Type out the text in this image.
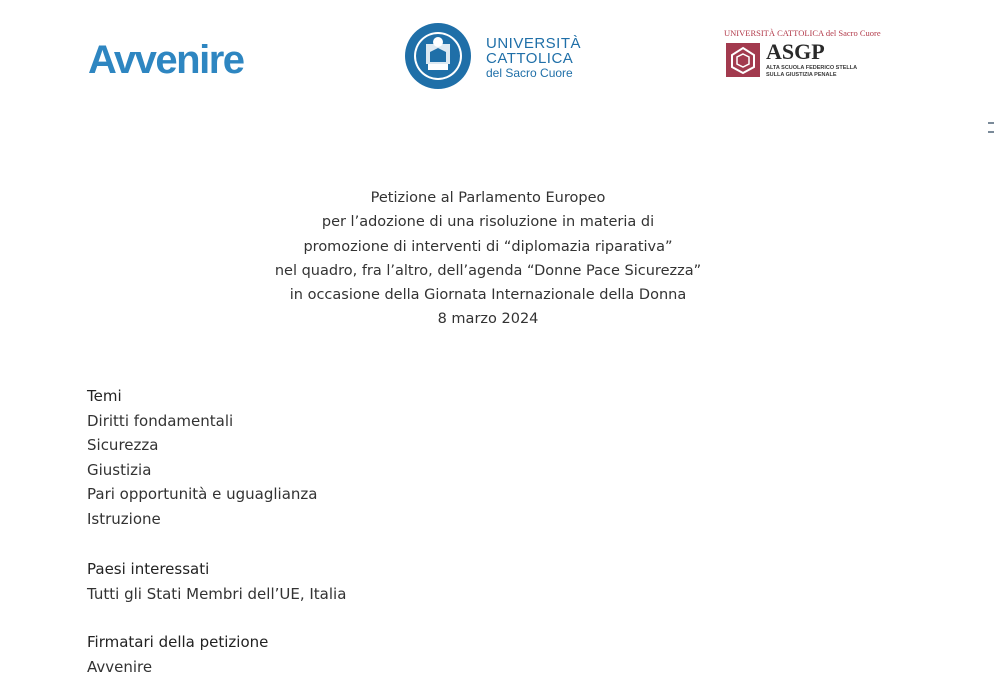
Avvenire	UNIVERSITÀ
CATTOLICA
del Sacro Cuore
UNIVERSITÀ CATTOLICA del Sacro Cuore
ASGP
ALTA SCUOLA FEDERICO STELLA
SULLA GIUSTIZIA PENALE
Petizione al Parlamento Europeo
per l’adozione di una risoluzione in materia di
promozione di interventi di “diplomazia riparativa”
nel quadro, fra l’altro, dell’agenda “Donne Pace Sicurezza”
in occasione della Giornata Internazionale della Donna
8 marzo 2024
Temi
Diritti fondamentali
Sicurezza
Giustizia
Pari opportunità e uguaglianza
Istruzione
Paesi interessati
Tutti gli Stati Membri dell’UE, Italia
Firmatari della petizione
Avvenire
